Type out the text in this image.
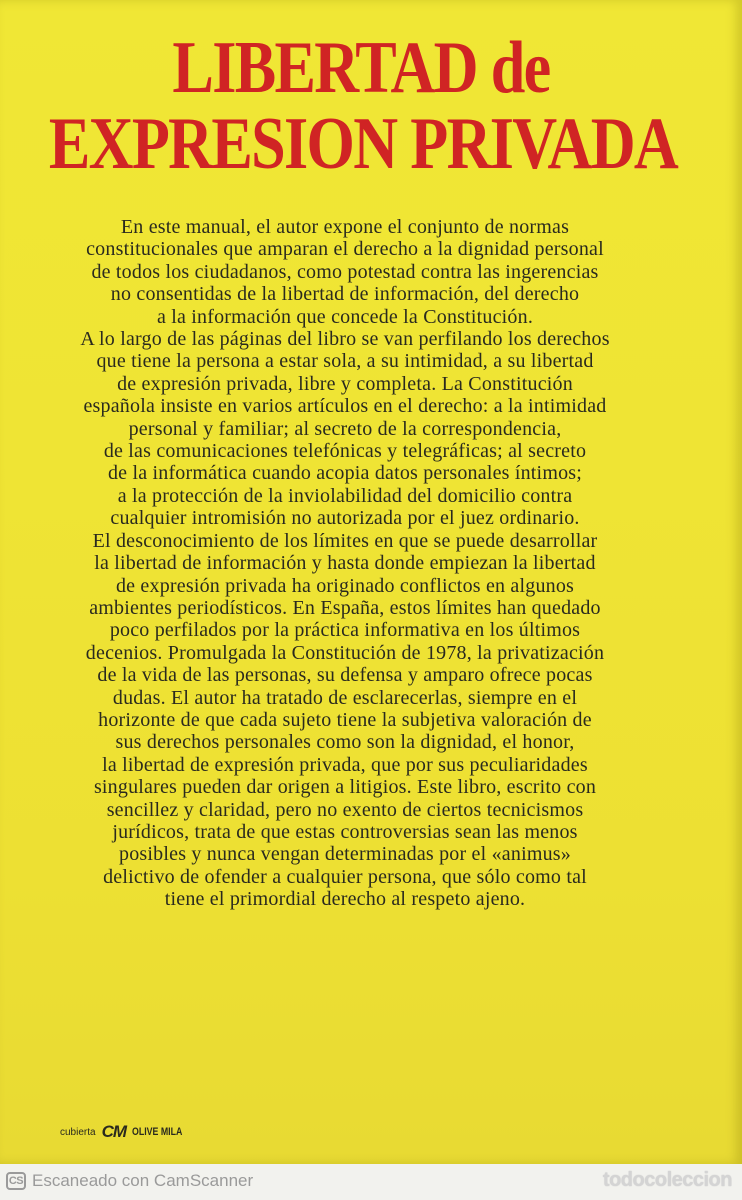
LIBERTAD de
EXPRESION PRIVADA
En este manual, el autor expone el conjunto de normas
constitucionales que amparan el derecho a la dignidad personal
de todos los ciudadanos, como potestad contra las ingerencias
no consentidas de la libertad de información, del derecho
a la información que concede la Constitución.
A lo largo de las páginas del libro se van perfilando los derechos
que tiene la persona a estar sola, a su intimidad, a su libertad
de expresión privada, libre y completa. La Constitución
española insiste en varios artículos en el derecho: a la intimidad
personal y familiar; al secreto de la correspondencia,
de las comunicaciones telefónicas y telegráficas; al secreto
de la informática cuando acopia datos personales íntimos;
a la protección de la inviolabilidad del domicilio contra
cualquier intromisión no autorizada por el juez ordinario.
El desconocimiento de los límites en que se puede desarrollar
la libertad de información y hasta donde empiezan la libertad
de expresión privada ha originado conflictos en algunos
ambientes periodísticos. En España, estos límites han quedado
poco perfilados por la práctica informativa en los últimos
decenios. Promulgada la Constitución de 1978, la privatización
de la vida de las personas, su defensa y amparo ofrece pocas
dudas. El autor ha tratado de esclarecerlas, siempre en el
horizonte de que cada sujeto tiene la subjetiva valoración de
sus derechos personales como son la dignidad, el honor,
la libertad de expresión privada, que por sus peculiaridades
singulares pueden dar origen a litigios. Este libro, escrito con
sencillez y claridad, pero no exento de ciertos tecnicismos
jurídicos, trata de que estas controversias sean las menos
posibles y nunca vengan determinadas por el «animus»
delictivo de ofender a cualquier persona, que sólo como tal
tiene el primordial derecho al respeto ajeno.
cubierta CM OLIVE MILA
CS Escaneado con CamScanner	todocoleccion
